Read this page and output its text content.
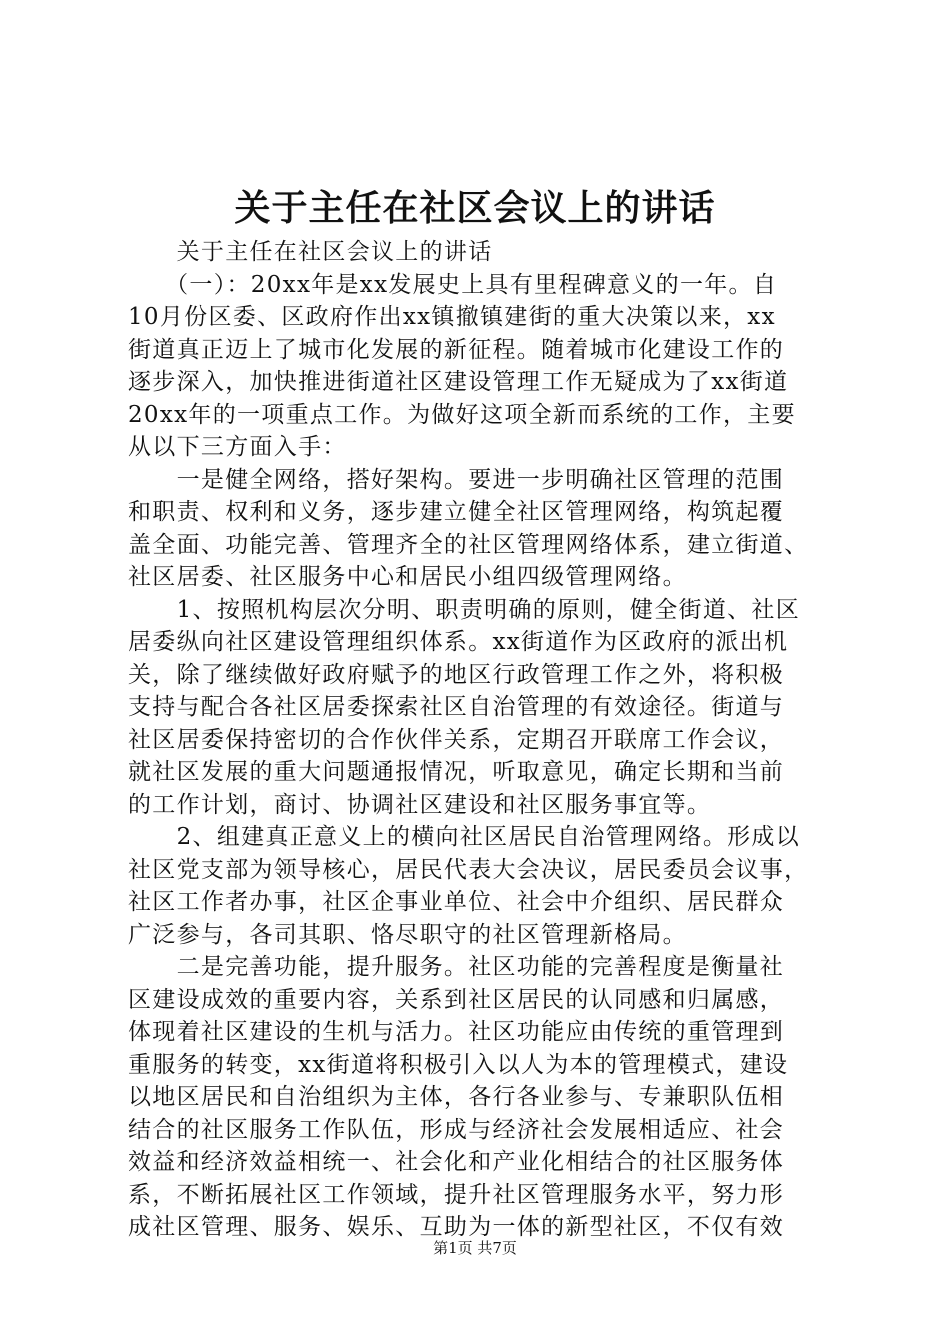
关于主任在社区会议上的讲话
　　关于主任在社区会议上的讲话
　　（一）：20xx年是xx发展史上具有里程碑意义的一年。自
10月份区委、区政府作出xx镇撤镇建街的重大决策以来，xx
街道真正迈上了城市化发展的新征程。随着城市化建设工作的
逐步深入，加快推进街道社区建设管理工作无疑成为了xx街道
20xx年的一项重点工作。为做好这项全新而系统的工作，主要
从以下三方面入手：
　　一是健全网络，搭好架构。要进一步明确社区管理的范围
和职责、权利和义务，逐步建立健全社区管理网络，构筑起覆
盖全面、功能完善、管理齐全的社区管理网络体系，建立街道、
社区居委、社区服务中心和居民小组四级管理网络。
　　1、按照机构层次分明、职责明确的原则，健全街道、社区
居委纵向社区建设管理组织体系。xx街道作为区政府的派出机
关，除了继续做好政府赋予的地区行政管理工作之外，将积极
支持与配合各社区居委探索社区自治管理的有效途径。街道与
社区居委保持密切的合作伙伴关系，定期召开联席工作会议，
就社区发展的重大问题通报情况，听取意见，确定长期和当前
的工作计划，商讨、协调社区建设和社区服务事宜等。
　　2、组建真正意义上的横向社区居民自治管理网络。形成以
社区党支部为领导核心，居民代表大会决议，居民委员会议事，
社区工作者办事，社区企事业单位、社会中介组织、居民群众
广泛参与，各司其职、恪尽职守的社区管理新格局。
　　二是完善功能，提升服务。社区功能的完善程度是衡量社
区建设成效的重要内容，关系到社区居民的认同感和归属感，
体现着社区建设的生机与活力。社区功能应由传统的重管理到
重服务的转变，xx街道将积极引入以人为本的管理模式，建设
以地区居民和自治组织为主体，各行各业参与、专兼职队伍相
结合的社区服务工作队伍，形成与经济社会发展相适应、社会
效益和经济效益相统一、社会化和产业化相结合的社区服务体
系，不断拓展社区工作领域，提升社区管理服务水平，努力形
成社区管理、服务、娱乐、互助为一体的新型社区，不仅有效
第1页 共7页
